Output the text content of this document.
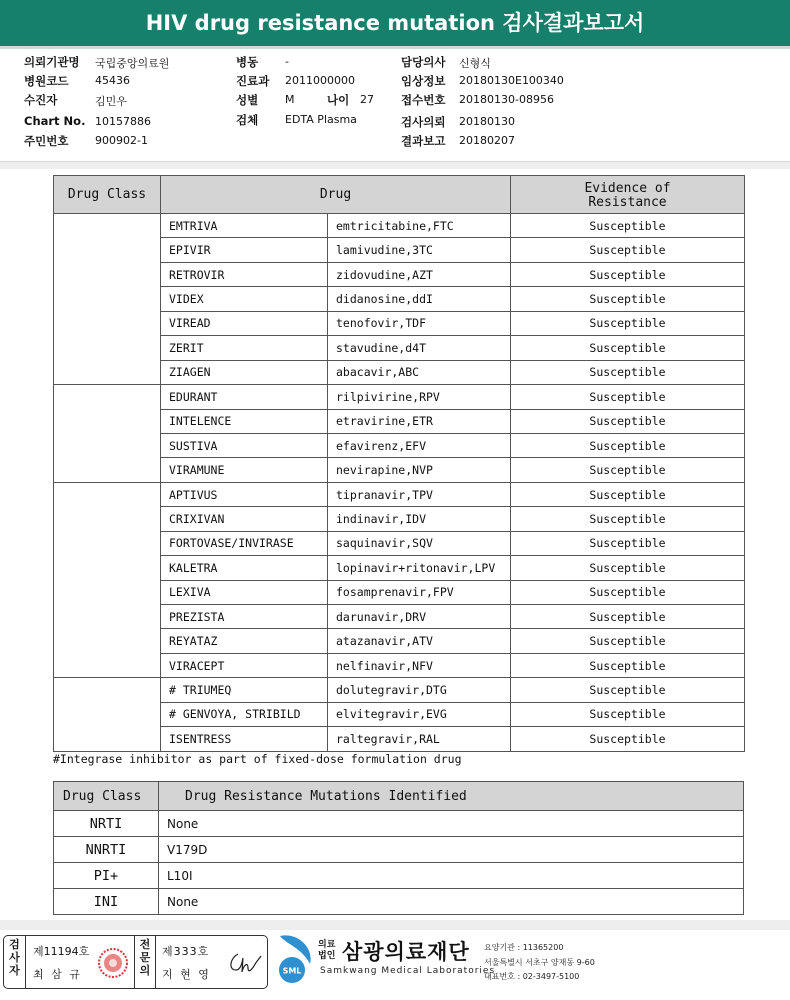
HIV drug resistance mutation 검사결과보고서
의뢰기관명 국립중앙의료원
병원코드 45436
수진자	김민우
Chart No. 10157886
주민번호 900902-1
병동 -
진료과 2011000000
성별 M
검체 EDTA Plasma
나이 27
담당의사 신형식
임상정보 20180130E100340
접수번호 20180130-08956
검사의뢰 20180130
결과보고 20180207
Drug Class	Drug		Evidence of Resistance
	EMTRIVA	emtricitabine,FTC	Susceptible
	EPIVIR	lamivudine,3TC	Susceptible
	RETROVIR	zidovudine,AZT	Susceptible
	VIDEX	didanosine,ddI	Susceptible
	VIREAD	tenofovir,TDF	Susceptible
	ZERIT	stavudine,d4T	Susceptible
	ZIAGEN	abacavir,ABC	Susceptible
	EDURANT	rilpivirine,RPV	Susceptible
	INTELENCE	etravirine,ETR	Susceptible
	SUSTIVA	efavirenz,EFV	Susceptible
	VIRAMUNE	nevirapine,NVP	Susceptible
	APTIVUS	tipranavir,TPV	Susceptible
	CRIXIVAN	indinavir,IDV	Susceptible
	FORTOVASE/INVIRASE	saquinavir,SQV	Susceptible
	KALETRA	lopinavir+ritonavir,LPV	Susceptible
	LEXIVA	fosamprenavir,FPV	Susceptible
	PREZISTA	darunavir,DRV	Susceptible
	REYATAZ	atazanavir,ATV	Susceptible
	VIRACEPT	nelfinavir,NFV	Susceptible
	# TRIUMEQ	dolutegravir,DTG	Susceptible
	# GENVOYA, STRIBILD	elvitegravir,EVG	Susceptible
	ISENTRESS	raltegravir,RAL	Susceptible
#Integrase inhibitor as part of fixed-dose formulation drug
Drug Class	Drug Resistance Mutations Identified
NRTI	None
NNRTI	V179D
PI+	L10I
INI	None
검사자
제11194호
최 삼 규
전문의
제333호
지 현 영	SML
의료법인 삼광의료재단
Samkwang Medical Laboratories
요양기관 : 11365200
서울특별시 서초구 양재동 9-60
대표번호 : 02-3497-5100
